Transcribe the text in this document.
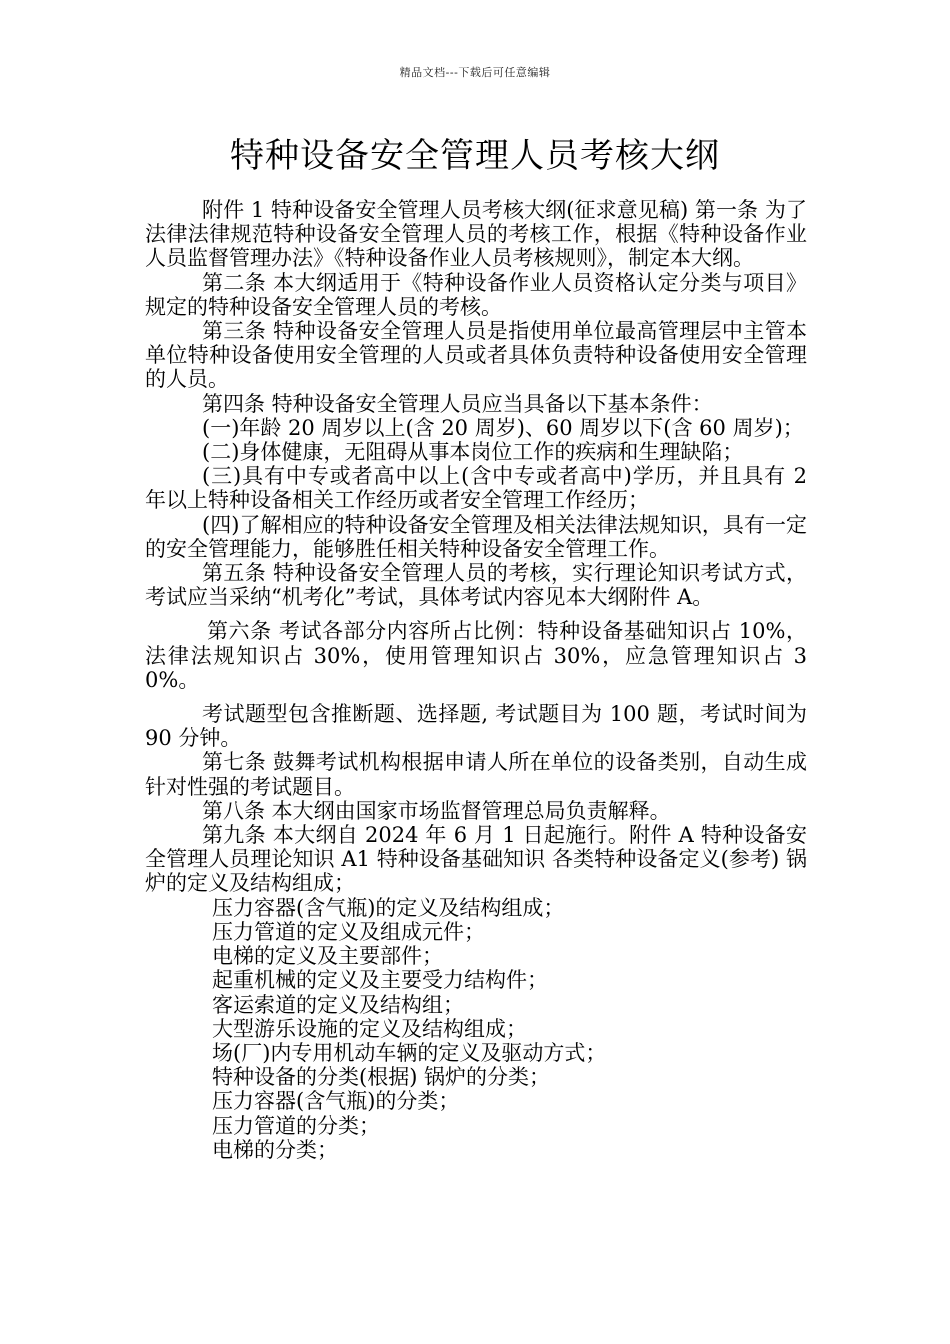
精品文档---下载后可任意编辑
特种设备安全管理人员考核大纲

附件 1 特种设备安全管理人员考核大纲(征求意见稿) 第一条 为了法律法律规范特种设备安全管理人员的考核工作，根据《特种设备作业人员监督管理办法》《特种设备作业人员考核规则》，制定本大纲。

第二条 本大纲适用于《特种设备作业人员资格认定分类与项目》规定的特种设备安全管理人员的考核。

第三条 特种设备安全管理人员是指使用单位最高管理层中主管本单位特种设备使用安全管理的人员或者具体负责特种设备使用安全管理的人员。

第四条 特种设备安全管理人员应当具备以下基本条件：

(一)年龄 20 周岁以上(含 20 周岁)、60 周岁以下(含 60 周岁)；

(二)身体健康，无阻碍从事本岗位工作的疾病和生理缺陷；

(三)具有中专或者高中以上(含中专或者高中)学历，并且具有 2 年以上特种设备相关工作经历或者安全管理工作经历；

(四)了解相应的特种设备安全管理及相关法律法规知识，具有一定的安全管理能力，能够胜任相关特种设备安全管理工作。

第五条 特种设备安全管理人员的考核，实行理论知识考试方式，考试应当采纳“机考化”考试，具体考试内容见本大纲附件 A。

第六条 考试各部分内容所占比例：特种设备基础知识占 10%，法律法规知识占 30%，使用管理知识占 30%，应急管理知识占 30%。

考试题型包含推断题、选择题, 考试题目为 100 题，考试时间为 90 分钟。

第七条 鼓舞考试机构根据申请人所在单位的设备类别，自动生成针对性强的考试题目。

第八条 本大纲由国家市场监督管理总局负责解释。

第九条 本大纲自 2024 年 6 月 1 日起施行。附件 A 特种设备安全管理人员理论知识 A1 特种设备基础知识 各类特种设备定义(参考) 锅炉的定义及结构组成；

压力容器(含气瓶)的定义及结构组成；

压力管道的定义及组成元件；

电梯的定义及主要部件；

起重机械的定义及主要受力结构件；

客运索道的定义及结构组；

大型游乐设施的定义及结构组成；

场(厂)内专用机动车辆的定义及驱动方式；

特种设备的分类(根据) 锅炉的分类；

压力容器(含气瓶)的分类；

压力管道的分类；

电梯的分类；
